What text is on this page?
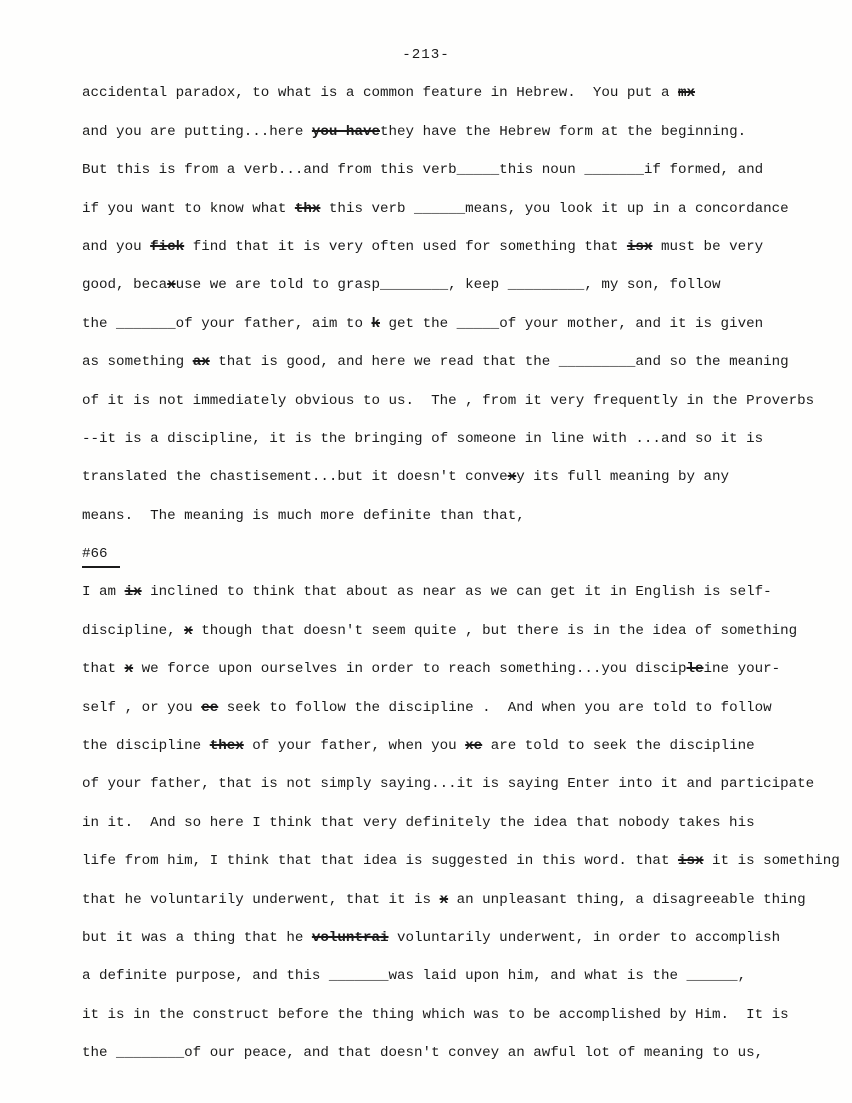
-213-
accidental paradox, to what is a common feature in Hebrew.  You put a mx
and you are putting...here you havethey have the Hebrew form at the beginning.
But this is from a verb...and from this verb_____this noun _______if formed, and
if you want to know what thx this verb ______means, you look it up in a concordance
and you fick find that it is very often used for something that isx must be very
good, becaxuse we are told to grasp________, keep _________, my son, follow
the _______of your father, aim to k get the _____of your mother, and it is given
as something ax that is good, and here we read that the _________and so the meaning
of it is not immediately obvious to us.  The , from it very frequently in the Proverbs
--it is a discipline, it is the bringing of someone in line with ...and so it is
translated the chastisement...but it doesn't convexy its full meaning by any
means.  The meaning is much more definite than that,
#66
I am ix inclined to think that about as near as we can get it in English is self-
discipline, x though that doesn't seem quite , but there is in the idea of something
that x we force upon ourselves in order to reach something...you discipleine your-
self , or you ee seek to follow the discipline .  And when you are told to follow
the discipline thex of your father, when you xe are told to seek the discipline
of your father, that is not simply saying...it is saying Enter into it and participate
in it.  And so here I think that very definitely the idea that nobody takes his
life from him, I think that that idea is suggested in this word. that isx it is something
that he voluntarily underwent, that it is x an unpleasant thing, a disagreeable thing
but it was a thing that he voluntrai voluntarily underwent, in order to accomplish
a definite purpose, and this _______was laid upon him, and what is the ______,
it is in the construct before the thing which was to be accomplished by Him.  It is
the ________of our peace, and that doesn't convey an awful lot of meaning to us,
